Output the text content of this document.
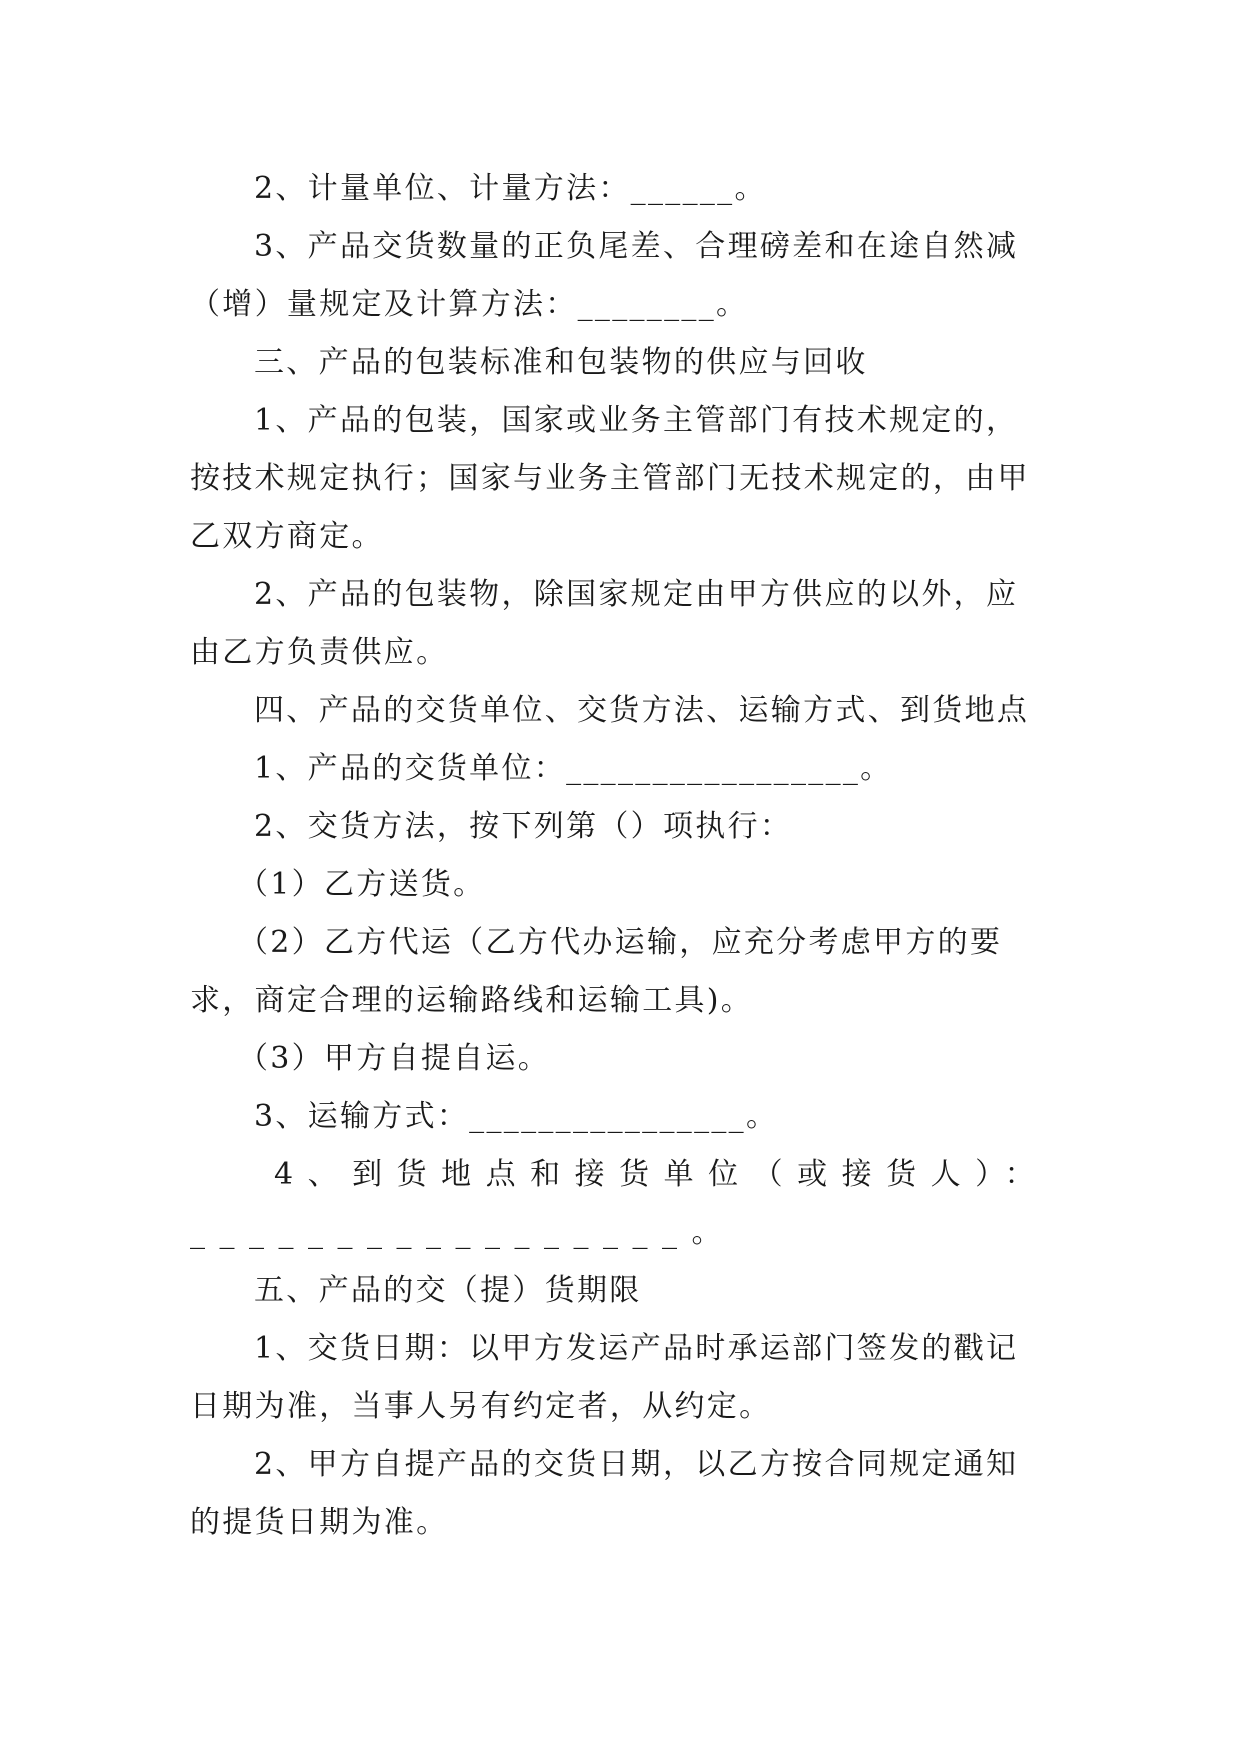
2、计量单位、计量方法：______。

3、产品交货数量的正负尾差、合理磅差和在途自然减（增）量规定及计算方法：________。

三、产品的包装标准和包装物的供应与回收

1、产品的包装，国家或业务主管部门有技术规定的，按技术规定执行；国家与业务主管部门无技术规定的，由甲乙双方商定。

2、产品的包装物，除国家规定由甲方供应的以外，应由乙方负责供应。

四、产品的交货单位、交货方法、运输方式、到货地点

1、产品的交货单位：_________________。

2、交货方法，按下列第（）项执行：

（1）乙方送货。

（2）乙方代运（乙方代办运输，应充分考虑甲方的要求，商定合理的运输路线和运输工具)。

（3）甲方自提自运。

3、运输方式：________________。

4、到货地点和接货单位（或接货人）：_________________。

五、产品的交（提）货期限

1、交货日期：以甲方发运产品时承运部门签发的戳记日期为准，当事人另有约定者，从约定。

2、甲方自提产品的交货日期，以乙方按合同规定通知的提货日期为准。
